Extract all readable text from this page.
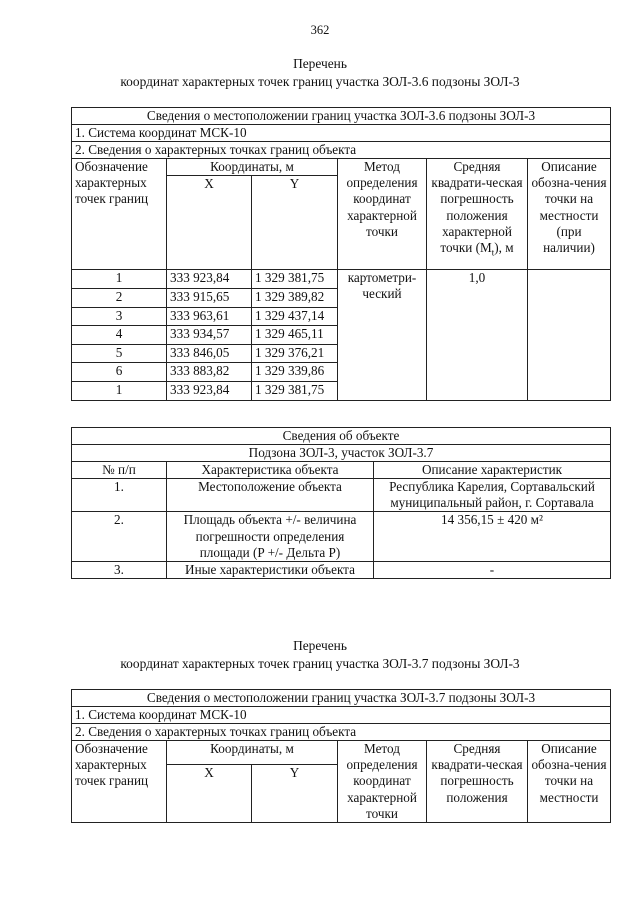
362
Перечень
координат характерных точек границ участка ЗОЛ-3.6 подзоны ЗОЛ-3
Сведения о местоположении границ участка ЗОЛ-3.6 подзоны ЗОЛ-3					
1. Система координат МСК-10					
2. Сведения о характерных точках границ объекта					
Обозначение характерных точек границ	Координаты, м		Метод определения координат характерной точки	Средняя квадрати-ческая погрешность положения характерной точки $(M_t)$, м	Описание обозна-чения точки на местности (при наличии)
	X	Y			
1	333 923,84	1 329 381,75	картометри-ческий	1,0	
2	333 915,65	1 329 389,82			
3	333 963,61	1 329 437,14			
4	333 934,57	1 329 465,11			
5	333 846,05	1 329 376,21			
6	333 883,82	1 329 339,86			
1	333 923,84	1 329 381,75			
Сведения об объекте		
Подзона ЗОЛ-3, участок ЗОЛ-3.7		
№ п/п	Характеристика объекта	Описание характеристик
1.	Местоположение объекта	Республика Карелия, Сортавальский муниципальный район, г. Сортавала
2.	Площадь объекта +/- величина погрешности определения площади (P +/- Дельта P)	14 356,15 ± 420 м²
3.	Иные характеристики объекта	-
Перечень
координат характерных точек границ участка ЗОЛ-3.7 подзоны ЗОЛ-3
Сведения о местоположении границ участка ЗОЛ-3.7 подзоны ЗОЛ-3					
1. Система координат МСК-10					
2. Сведения о характерных точках границ объекта					
Обозначение характерных точек границ	Координаты, м		Метод определения координат характерной точки	Средняя квадрати-ческая погрешность положения	Описание обозна-чения точки на местности
	X	Y			
